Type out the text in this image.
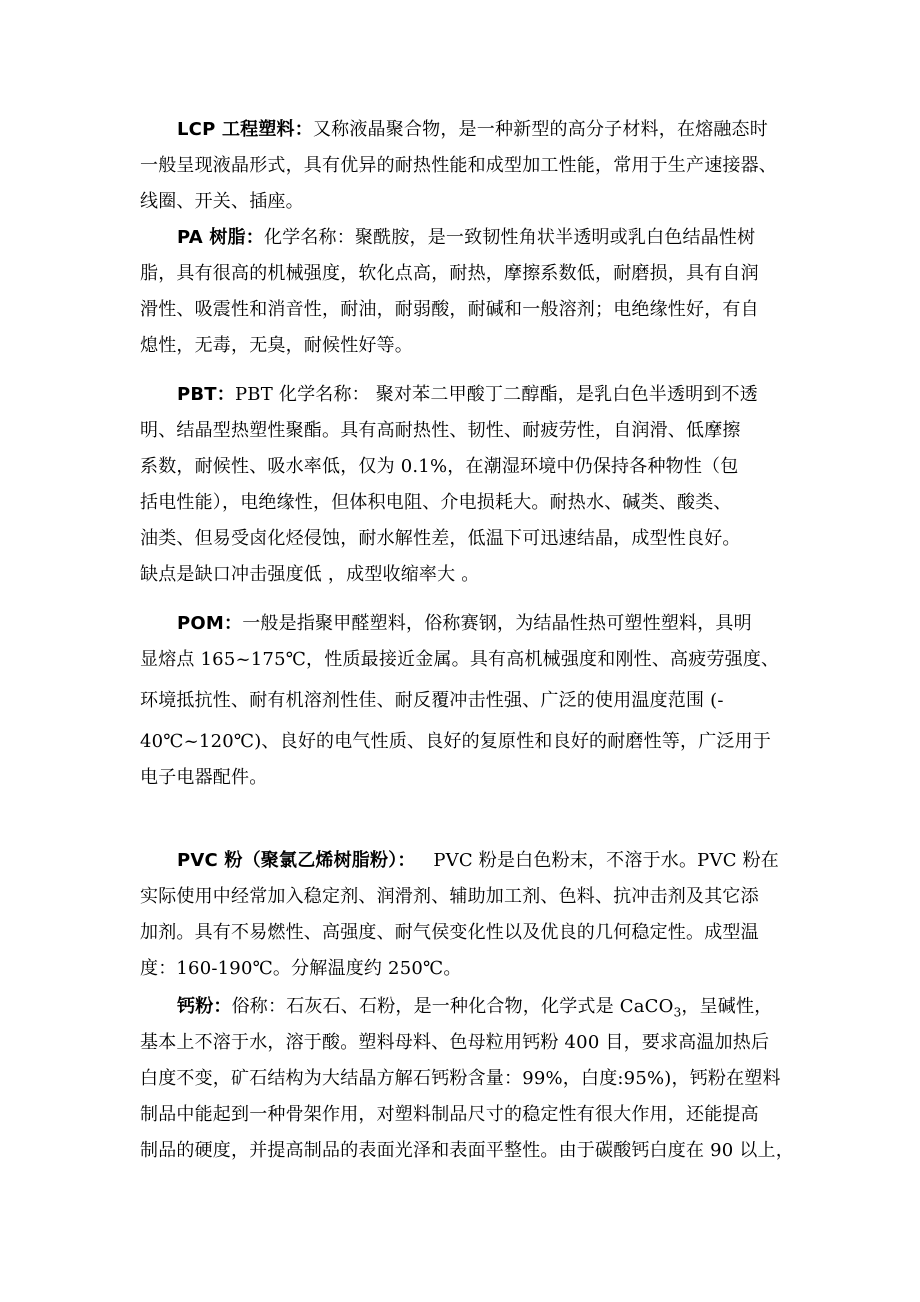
LCP 工程塑料：又称液晶聚合物，是一种新型的高分子材料，在熔融态时
一般呈现液晶形式，具有优异的耐热性能和成型加工性能，常用于生产速接器、
线圈、开关、插座。
PA 树脂：化学名称：聚酰胺，是一致韧性角状半透明或乳白色结晶性树
脂，具有很高的机械强度，软化点高，耐热，摩擦系数低，耐磨损，具有自润
滑性、吸震性和消音性，耐油，耐弱酸，耐碱和一般溶剂；电绝缘性好，有自
熄性，无毒，无臭，耐候性好等。
PBT：PBT 化学名称： 聚对苯二甲酸丁二醇酯，是乳白色半透明到不透
明、结晶型热塑性聚酯。具有高耐热性、韧性、耐疲劳性，自润滑、低摩擦
系数，耐候性、吸水率低，仅为 0.1%，在潮湿环境中仍保持各种物性（包
括电性能），电绝缘性，但体积电阻、介电损耗大。耐热水、碱类、酸类、
油类、但易受卤化烃侵蚀，耐水解性差，低温下可迅速结晶，成型性良好。
缺点是缺口冲击强度低 ，成型收缩率大 。
POM：一般是指聚甲醛塑料，俗称赛钢，为结晶性热可塑性塑料，具明
显熔点 165~175℃，性质最接近金属。具有高机械强度和刚性、高疲劳强度、
环境抵抗性、耐有机溶剂性佳、耐反覆冲击性强、广泛的使用温度范围 (-
40℃~120℃)、良好的电气性质、良好的复原性和良好的耐磨性等，广泛用于
电子电器配件。
PVC 粉（聚氯乙烯树脂粉）：   PVC 粉是白色粉末，不溶于水。PVC 粉在
实际使用中经常加入稳定剂、润滑剂、辅助加工剂、色料、抗冲击剂及其它添
加剂。具有不易燃性、高强度、耐气侯变化性以及优良的几何稳定性。成型温
度：160-190℃。分解温度约 250℃。
钙粉：俗称：石灰石、石粉，是一种化合物，化学式是 CaCO$_3$，呈碱性，
基本上不溶于水，溶于酸。塑料母料、色母粒用钙粉 400 目，要求高温加热后
白度不变，矿石结构为大结晶方解石钙粉含量：99%，白度:95%)，钙粉在塑料
制品中能起到一种骨架作用，对塑料制品尺寸的稳定性有很大作用，还能提高
制品的硬度，并提高制品的表面光泽和表面平整性。由于碳酸钙白度在 90 以上，
